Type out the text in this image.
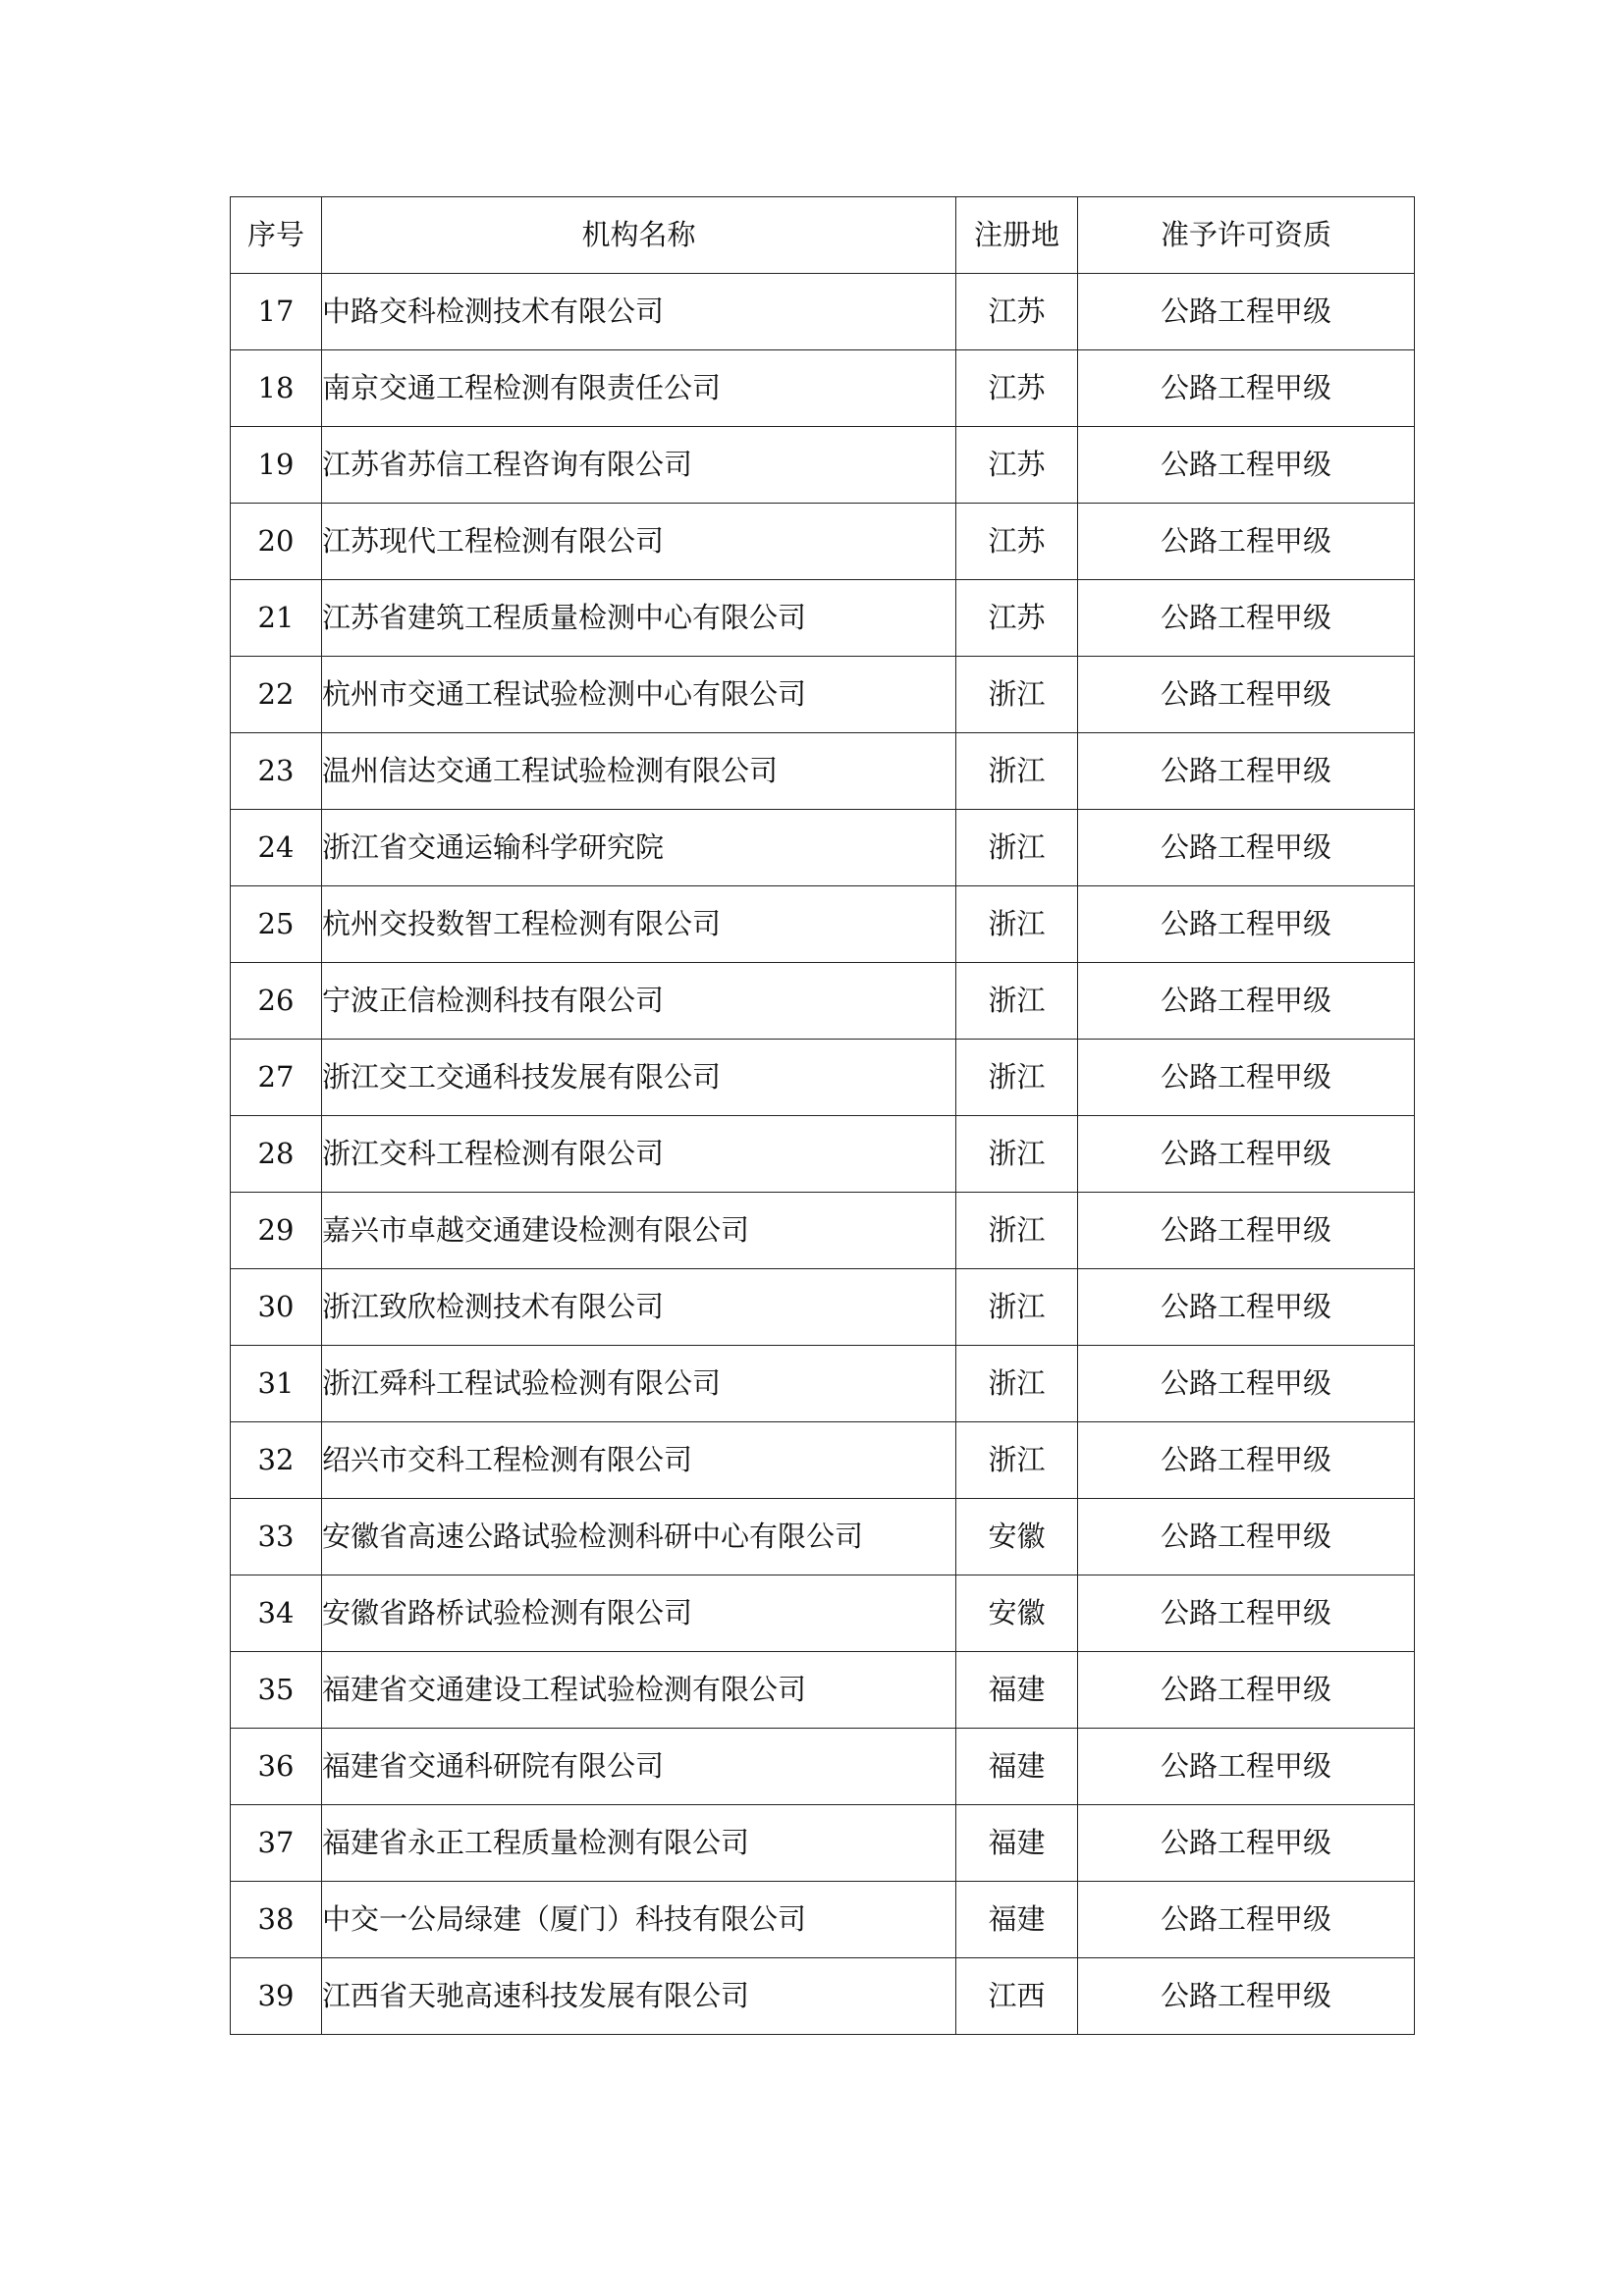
序号	机构名称	注册地	准予许可资质
17	中路交科检测技术有限公司	江苏	公路工程甲级
18	南京交通工程检测有限责任公司	江苏	公路工程甲级
19	江苏省苏信工程咨询有限公司	江苏	公路工程甲级
20	江苏现代工程检测有限公司	江苏	公路工程甲级
21	江苏省建筑工程质量检测中心有限公司	江苏	公路工程甲级
22	杭州市交通工程试验检测中心有限公司	浙江	公路工程甲级
23	温州信达交通工程试验检测有限公司	浙江	公路工程甲级
24	浙江省交通运输科学研究院	浙江	公路工程甲级
25	杭州交投数智工程检测有限公司	浙江	公路工程甲级
26	宁波正信检测科技有限公司	浙江	公路工程甲级
27	浙江交工交通科技发展有限公司	浙江	公路工程甲级
28	浙江交科工程检测有限公司	浙江	公路工程甲级
29	嘉兴市卓越交通建设检测有限公司	浙江	公路工程甲级
30	浙江致欣检测技术有限公司	浙江	公路工程甲级
31	浙江舜科工程试验检测有限公司	浙江	公路工程甲级
32	绍兴市交科工程检测有限公司	浙江	公路工程甲级
33	安徽省高速公路试验检测科研中心有限公司	安徽	公路工程甲级
34	安徽省路桥试验检测有限公司	安徽	公路工程甲级
35	福建省交通建设工程试验检测有限公司	福建	公路工程甲级
36	福建省交通科研院有限公司	福建	公路工程甲级
37	福建省永正工程质量检测有限公司	福建	公路工程甲级
38	中交一公局绿建（厦门）科技有限公司	福建	公路工程甲级
39	江西省天驰高速科技发展有限公司	江西	公路工程甲级
